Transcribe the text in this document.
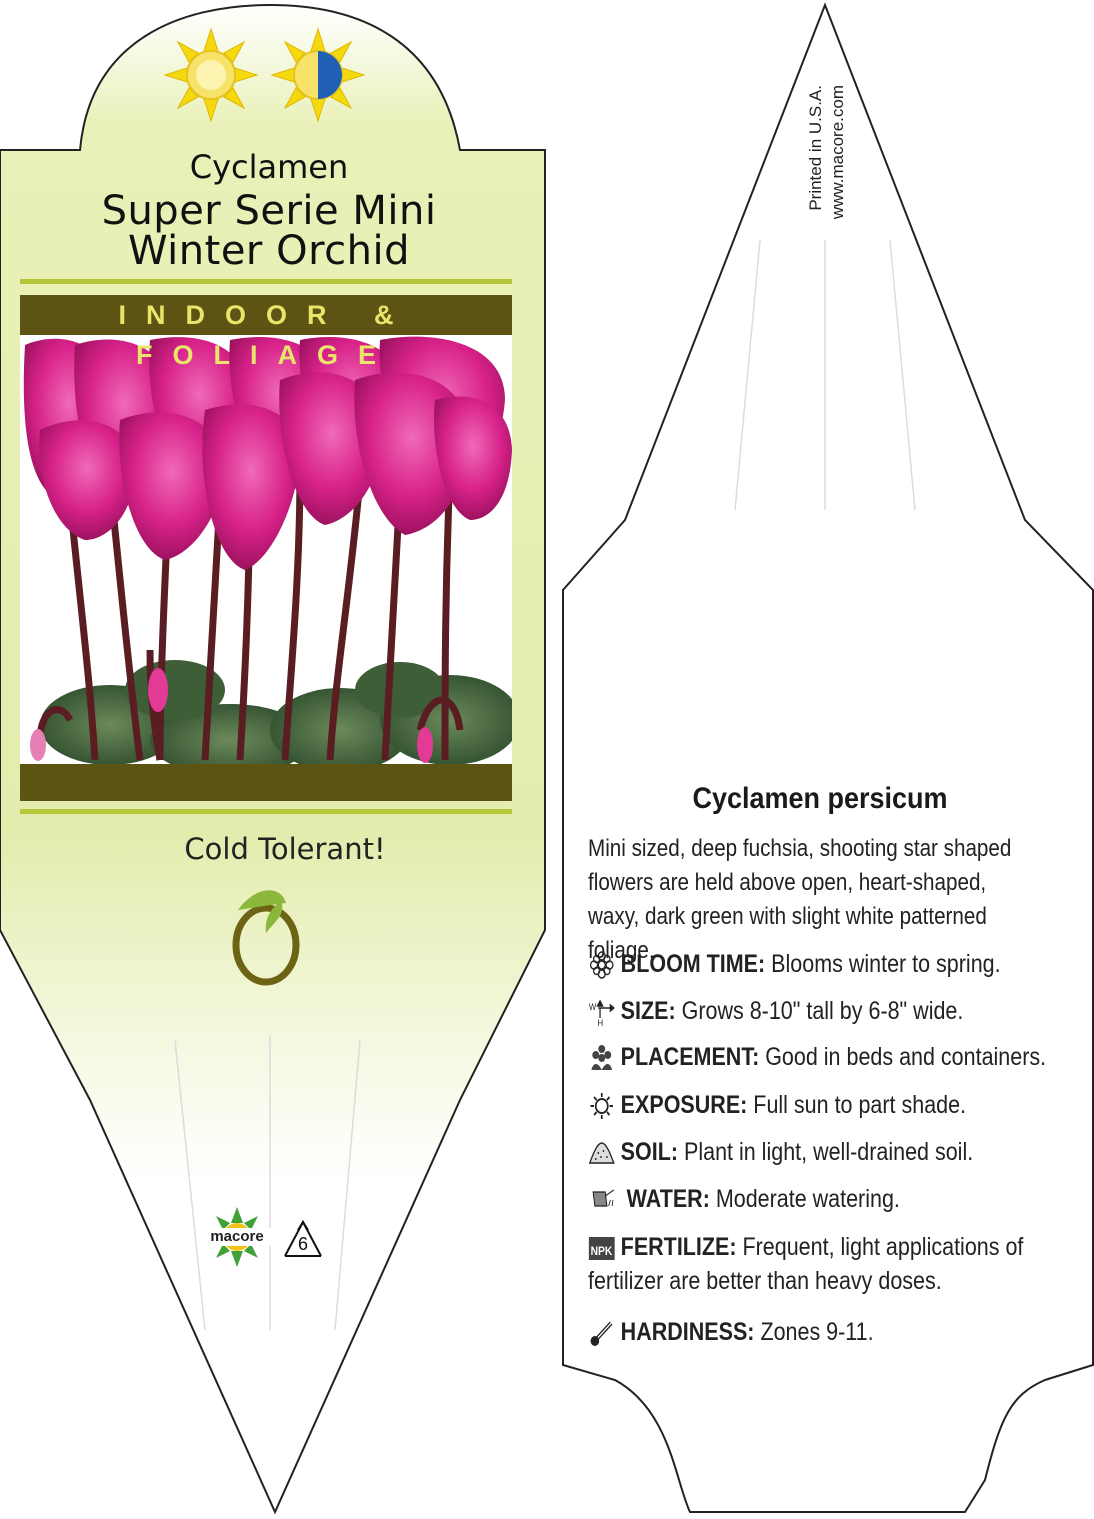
Cyclamen
Super Serie Mini
Winter Orchid
INDOOR & FOLIAGE
Cold Tolerant!
macore	6
Printed in U.S.A. www.macore.com
Cyclamen persicum
Mini sized, deep fuchsia, shooting star shaped flowers are held above open, heart-shaped, waxy, dark green with slight white patterned foliage.
BLOOM TIME: Blooms winter to spring.
W
H SIZE: Grows 8-10" tall by 6-8" wide.
PLACEMENT: Good in beds and containers.
EXPOSURE: Full sun to part shade.
SOIL: Plant in light, well-drained soil.
WATER: Moderate watering.
NPK FERTILIZE: Frequent, light applications of
fertilizer are better than heavy doses.
HARDINESS: Zones 9-11.
